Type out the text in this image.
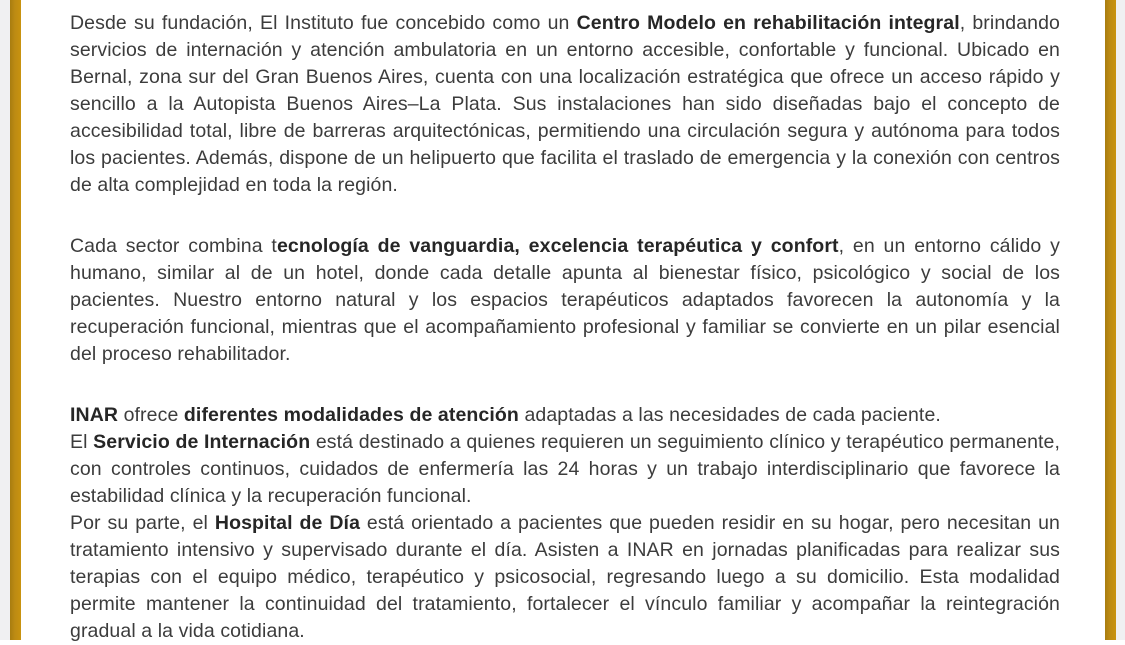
Desde su fundación, El Instituto fue concebido como un Centro Modelo en rehabilitación integral, brindando servicios de internación y atención ambulatoria en un entorno accesible, confortable y funcional. Ubicado en Bernal, zona sur del Gran Buenos Aires, cuenta con una localización estratégica que ofrece un acceso rápido y sencillo a la Autopista Buenos Aires–La Plata. Sus instalaciones han sido diseñadas bajo el concepto de accesibilidad total, libre de barreras arquitectónicas, permitiendo una circulación segura y autónoma para todos los pacientes. Además, dispone de un helipuerto que facilita el traslado de emergencia y la conexión con centros de alta complejidad en toda la región.

Cada sector combina tecnología de vanguardia, excelencia terapéutica y confort, en un entorno cálido y humano, similar al de un hotel, donde cada detalle apunta al bienestar físico, psicológico y social de los pacientes. Nuestro entorno natural y los espacios terapéuticos adaptados favorecen la autonomía y la recuperación funcional, mientras que el acompañamiento profesional y familiar se convierte en un pilar esencial del proceso rehabilitador.

INAR ofrece diferentes modalidades de atención adaptadas a las necesidades de cada paciente.

El Servicio de Internación está destinado a quienes requieren un seguimiento clínico y terapéutico permanente, con controles continuos, cuidados de enfermería las 24 horas y un trabajo interdisciplinario que favorece la estabilidad clínica y la recuperación funcional.

Por su parte, el Hospital de Día está orientado a pacientes que pueden residir en su hogar, pero necesitan un tratamiento intensivo y supervisado durante el día. Asisten a INAR en jornadas planificadas para realizar sus terapias con el equipo médico, terapéutico y psicosocial, regresando luego a su domicilio. Esta modalidad permite mantener la continuidad del tratamiento, fortalecer el vínculo familiar y acompañar la reintegración gradual a la vida cotidiana.
